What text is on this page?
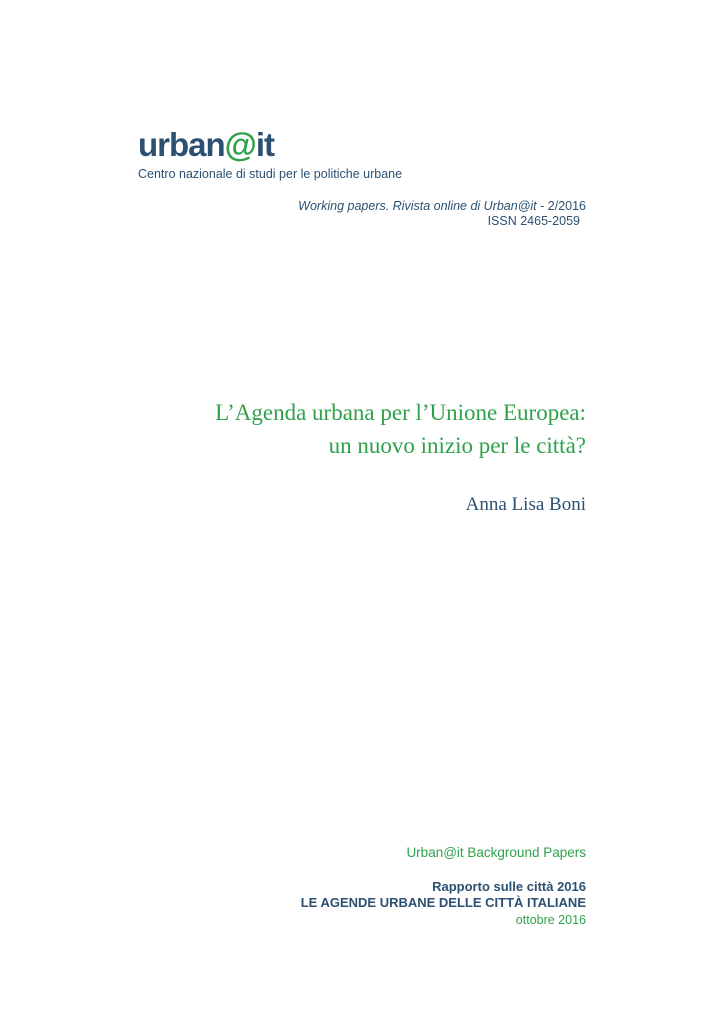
urban@it
Centro nazionale di studi per le politiche urbane
Working papers. Rivista online di Urban@it - 2/2016
ISSN 2465-2059
L’Agenda urbana per l’Unione Europea:
un nuovo inizio per le città?
Anna Lisa Boni
Urban@it Background Papers
Rapporto sulle città 2016
LE AGENDE URBANE DELLE CITTÀ ITALIANE
ottobre 2016
